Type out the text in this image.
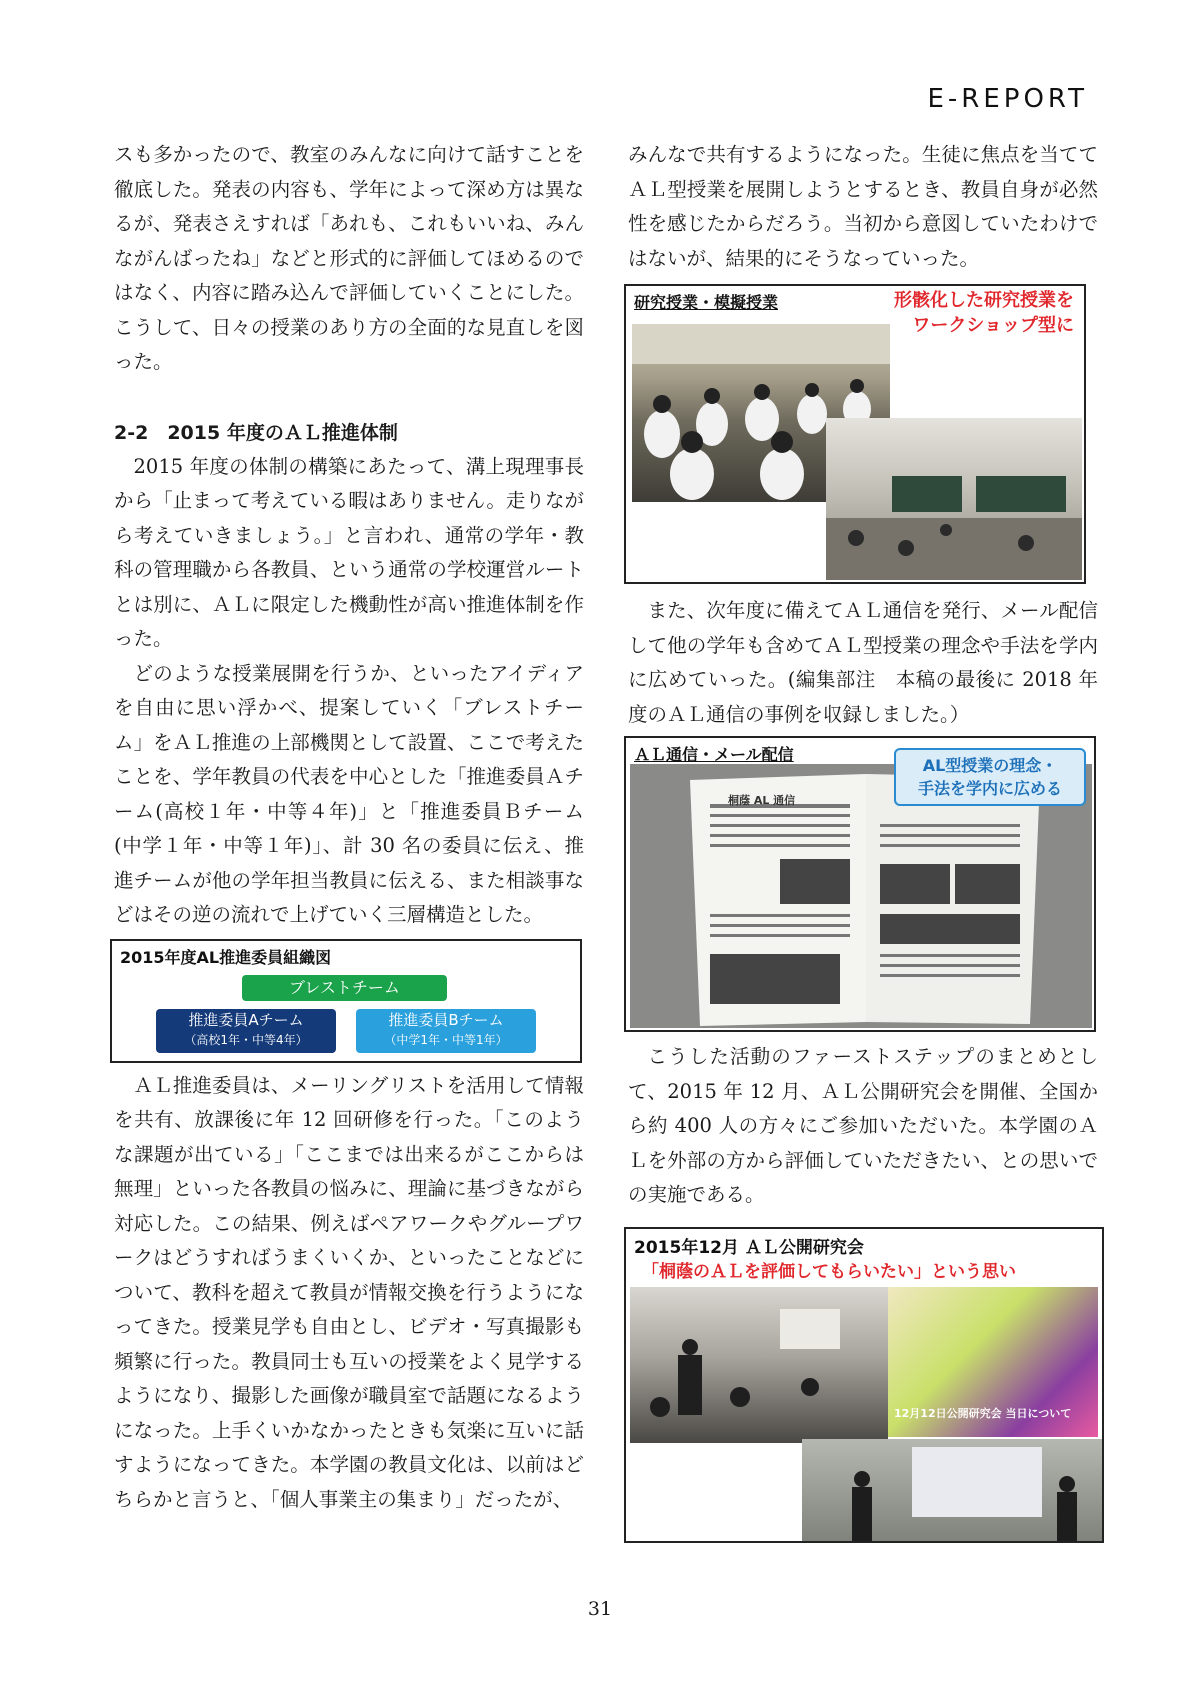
E-REPORT

スも多かったので、教室のみんなに向けて話すことを徹底した。発表の内容も、学年によって深め方は異なるが、発表さえすれば「あれも、これもいいね、みんながんばったね」などと形式的に評価してほめるのではなく、内容に踏み込んで評価していくことにした。こうして、日々の授業のあり方の全面的な見直しを図った。

2-2　2015 年度のＡＬ推進体制

2015 年度の体制の構築にあたって、溝上現理事長から「止まって考えている暇はありません。走りながら考えていきましょう。」と言われ、通常の学年・教科の管理職から各教員、という通常の学校運営ルートとは別に、ＡＬに限定した機動性が高い推進体制を作った。

どのような授業展開を行うか、といったアイディアを自由に思い浮かべ、提案していく「ブレストチーム」をＡＬ推進の上部機関として設置、ここで考えたことを、学年教員の代表を中心とした「推進委員Ａチーム(高校１年・中等４年)」と「推進委員Ｂチーム(中学１年・中等１年)」、計 30 名の委員に伝え、推進チームが他の学年担当教員に伝える、また相談事などはその逆の流れで上げていく三層構造とした。

2015年度AL推進委員組織図
ブレストチーム
推進委員Aチーム
（高校1年・中等4年）
推進委員Bチーム
（中学1年・中等1年）

ＡＬ推進委員は、メーリングリストを活用して情報を共有、放課後に年 12 回研修を行った。「このような課題が出ている」「ここまでは出来るがここからは無理」といった各教員の悩みに、理論に基づきながら対応した。この結果、例えばペアワークやグループワークはどうすればうまくいくか、といったことなどについて、教科を超えて教員が情報交換を行うようになってきた。授業見学も自由とし、ビデオ・写真撮影も頻繁に行った。教員同士も互いの授業をよく見学するようになり、撮影した画像が職員室で話題になるようになった。上手くいかなかったときも気楽に互いに話すようになってきた。本学園の教員文化は、以前はどちらかと言うと、「個人事業主の集まり」だったが、

みんなで共有するようになった。生徒に焦点を当ててＡＬ型授業を展開しようとするとき、教員自身が必然性を感じたからだろう。当初から意図していたわけではないが、結果的にそうなっていった。

研究授業・模擬授業	形骸化した研究授業を
ワークショップ型に

また、次年度に備えてＡＬ通信を発行、メール配信して他の学年も含めてＡＬ型授業の理念や手法を学内に広めていった。(編集部注　本稿の最後に 2018 年度のＡＬ通信の事例を収録しました。）

ＡＬ通信・メール配信
桐蔭 AL 通信
AL型授業の理念・
手法を学内に広める

こうした活動のファーストステップのまとめとして、2015 年 12 月、ＡＬ公開研究会を開催、全国から約 400 人の方々にご参加いただいた。本学園のＡＬを外部の方から評価していただきたい、との思いでの実施である。

2015年12月 ＡＬ公開研究会
「桐蔭のＡＬを評価してもらいたい」という思い
12月12日公開研究会 当日について
31
